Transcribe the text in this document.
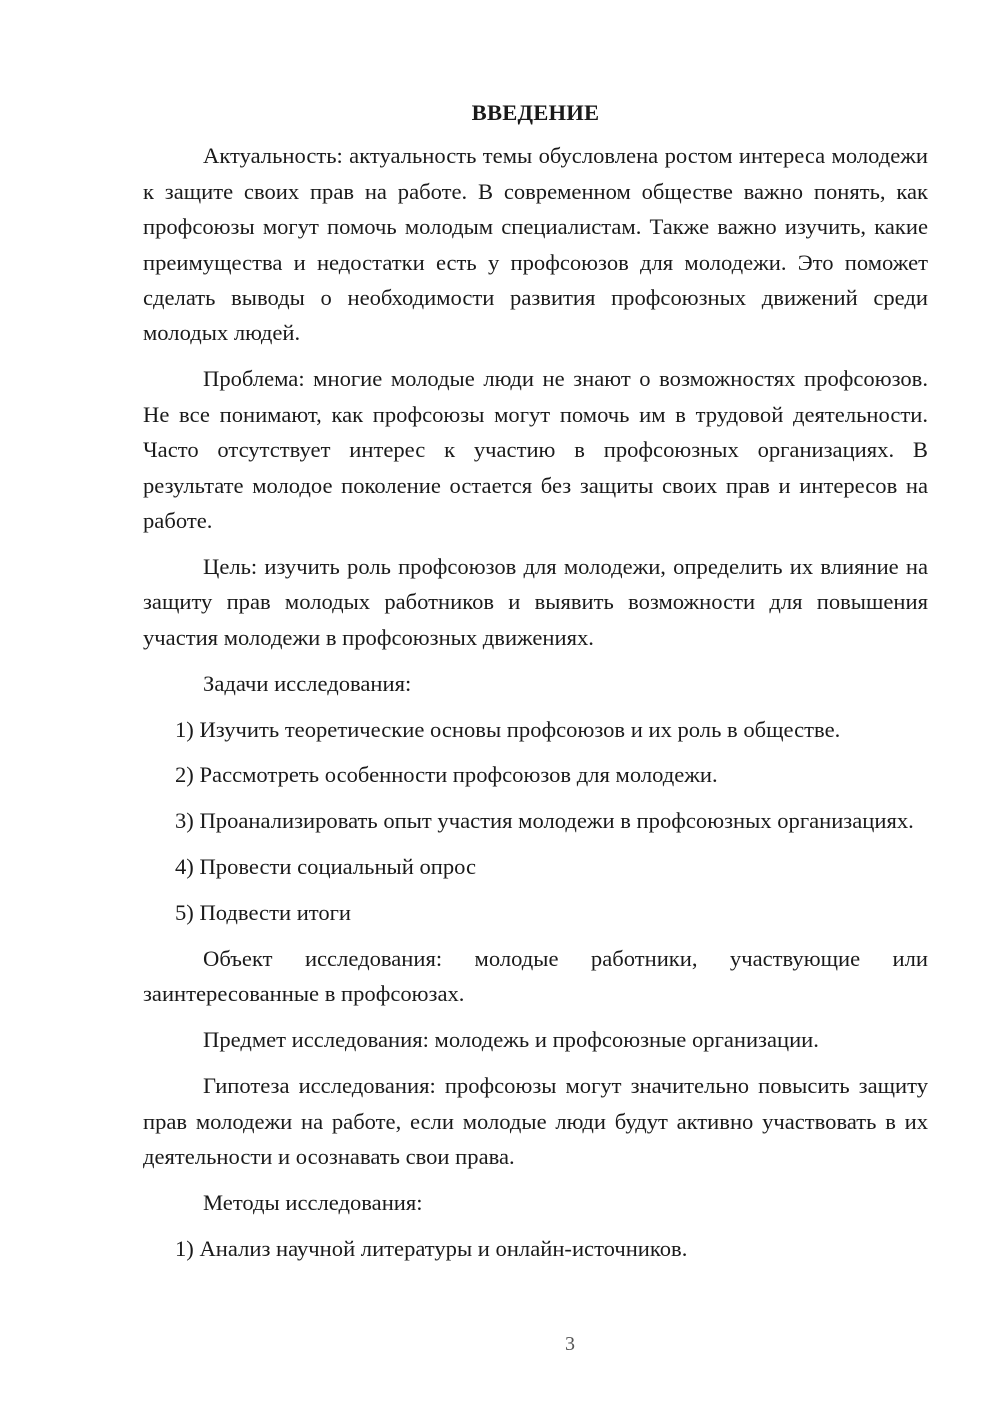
ВВЕДЕНИЕ

Актуальность: актуальность темы обусловлена ростом интереса молодежи к защите своих прав на работе. В современном обществе важно понять, как профсоюзы могут помочь молодым специалистам. Также важно изучить, какие преимущества и недостатки есть у профсоюзов для молодежи. Это поможет сделать выводы о необходимости развития профсоюзных движений среди молодых людей.

Проблема: многие молодые люди не знают о возможностях профсоюзов. Не все понимают, как профсоюзы могут помочь им в трудовой деятельности. Часто отсутствует интерес к участию в профсоюзных организациях. В результате молодое поколение остается без защиты своих прав и интересов на работе.

Цель: изучить роль профсоюзов для молодежи, определить их влияние на защиту прав молодых работников и выявить возможности для повышения участия молодежи в профсоюзных движениях.

Задачи исследования:

1) Изучить теоретические основы профсоюзов и их роль в обществе.

2) Рассмотреть особенности профсоюзов для молодежи.

3) Проанализировать опыт участия молодежи в профсоюзных организациях.

4) Провести социальный опрос

5) Подвести итоги

Объект исследования: молодые работники, участвующие или заинтересованные в профсоюзах.

Предмет исследования: молодежь и профсоюзные организации.

Гипотеза исследования: профсоюзы могут значительно повысить защиту прав молодежи на работе, если молодые люди будут активно участвовать в их деятельности и осознавать свои права.

Методы исследования:

1) Анализ научной литературы и онлайн-источников.

3
